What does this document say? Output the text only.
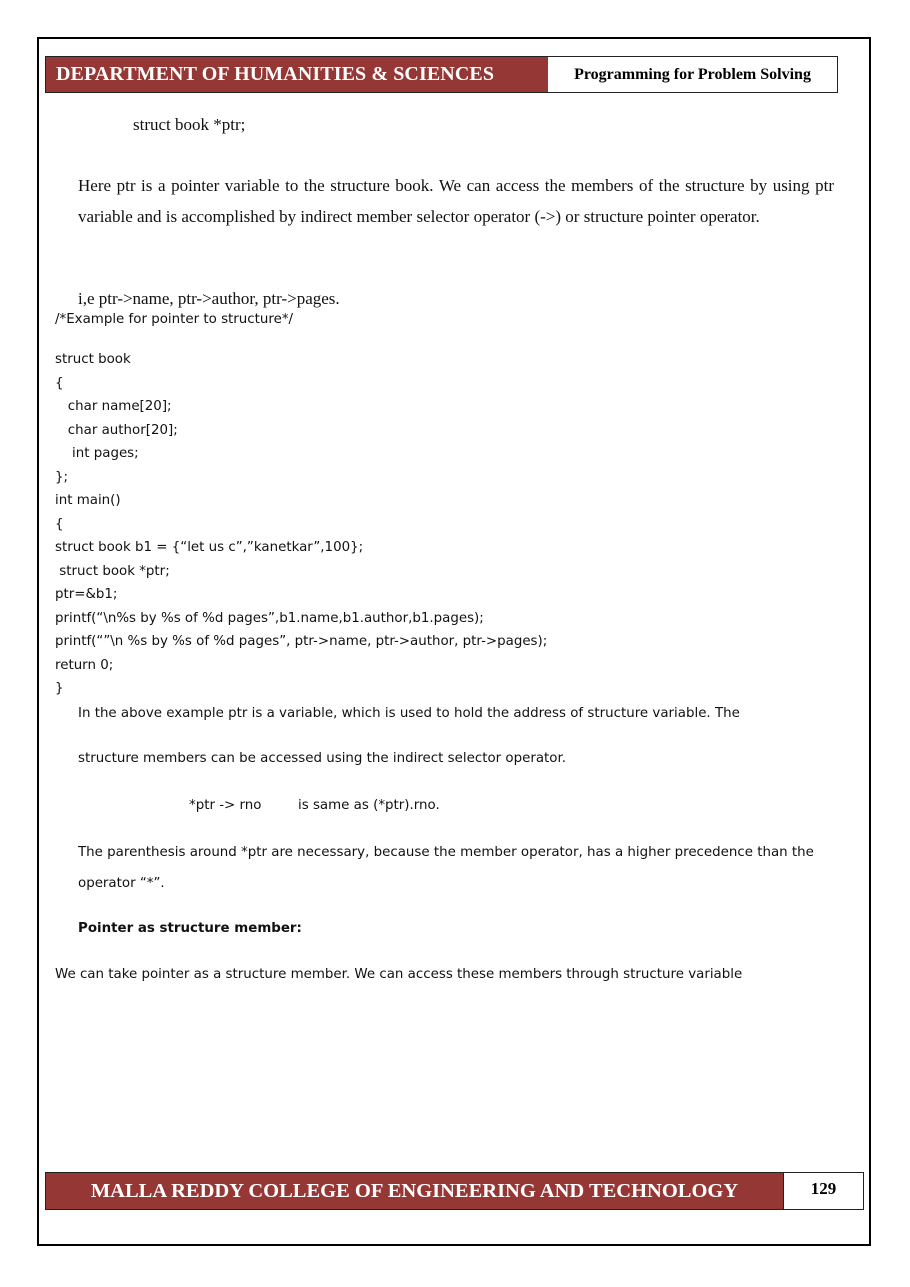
DEPARTMENT OF HUMANITIES & SCIENCES	Programming for Problem Solving
struct book *ptr;
Here ptr is a pointer variable to the structure book. We can access the members of the structure by using ptr variable and is accomplished by indirect member selector operator (->) or structure pointer operator.
i,e ptr->name, ptr->author, ptr->pages.
/*Example for pointer to structure*/
struct book
{
char name[20];
char author[20];
int pages;
};
int main()
{
struct book b1 = {“let us c”,”kanetkar”,100};
struct book *ptr;
ptr=&b1;
printf(“\n%s by %s of %d pages”,b1.name,b1.author,b1.pages);
printf(“”\n %s by %s of %d pages”, ptr->name, ptr->author, ptr->pages);
return 0;
}
In the above example ptr is a variable, which is used to hold the address of structure variable. The
structure members can be accessed using the indirect selector operator.
*ptr -> rno	is same as (*ptr).rno.
The parenthesis around *ptr are necessary, because the member operator, has a higher precedence than the
operator “*”.
Pointer as structure member:
We can take pointer as a structure member. We can access these members through structure variable
MALLA REDDY COLLEGE OF ENGINEERING AND TECHNOLOGY	129
